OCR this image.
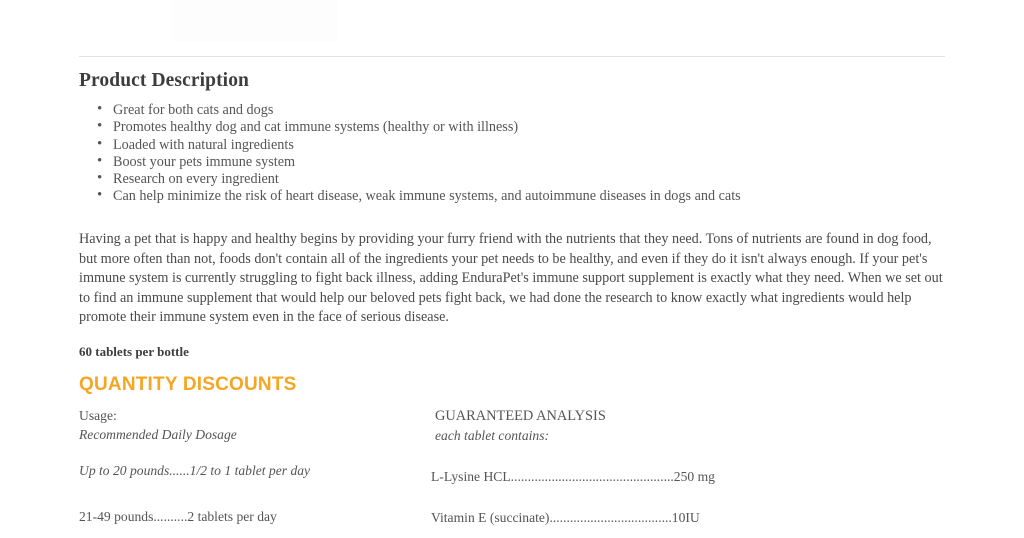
Product Description
• Great for both cats and dogs
• Promotes healthy dog and cat immune systems (healthy or with illness)
• Loaded with natural ingredients
• Boost your pets immune system
• Research on every ingredient
• Can help minimize the risk of heart disease, weak immune systems, and autoimmune diseases in dogs and cats

Having a pet that is happy and healthy begins by providing your furry friend with the nutrients that they need. Tons of nutrients are found in dog food, but more often than not, foods don't contain all of the ingredients your pet needs to be healthy, and even if they do it isn't always enough. If your pet's immune system is currently struggling to fight back illness, adding EnduraPet's immune support supplement is exactly what they need. When we set out to find an immune supplement that would help our beloved pets fight back, we had done the research to know exactly what ingredients would help promote their immune system even in the face of serious disease.

60 tablets per bottle

QUANTITY DISCOUNTS

Usage:

Recommended Daily Dosage

Up to 20 pounds......1/2 to 1 tablet per day

21-49 pounds..........2 tablets per day

GUARANTEED ANALYSIS

each tablet contains:

L-Lysine HCL................................................250 mg

Vitamin E (succinate)....................................10IU
